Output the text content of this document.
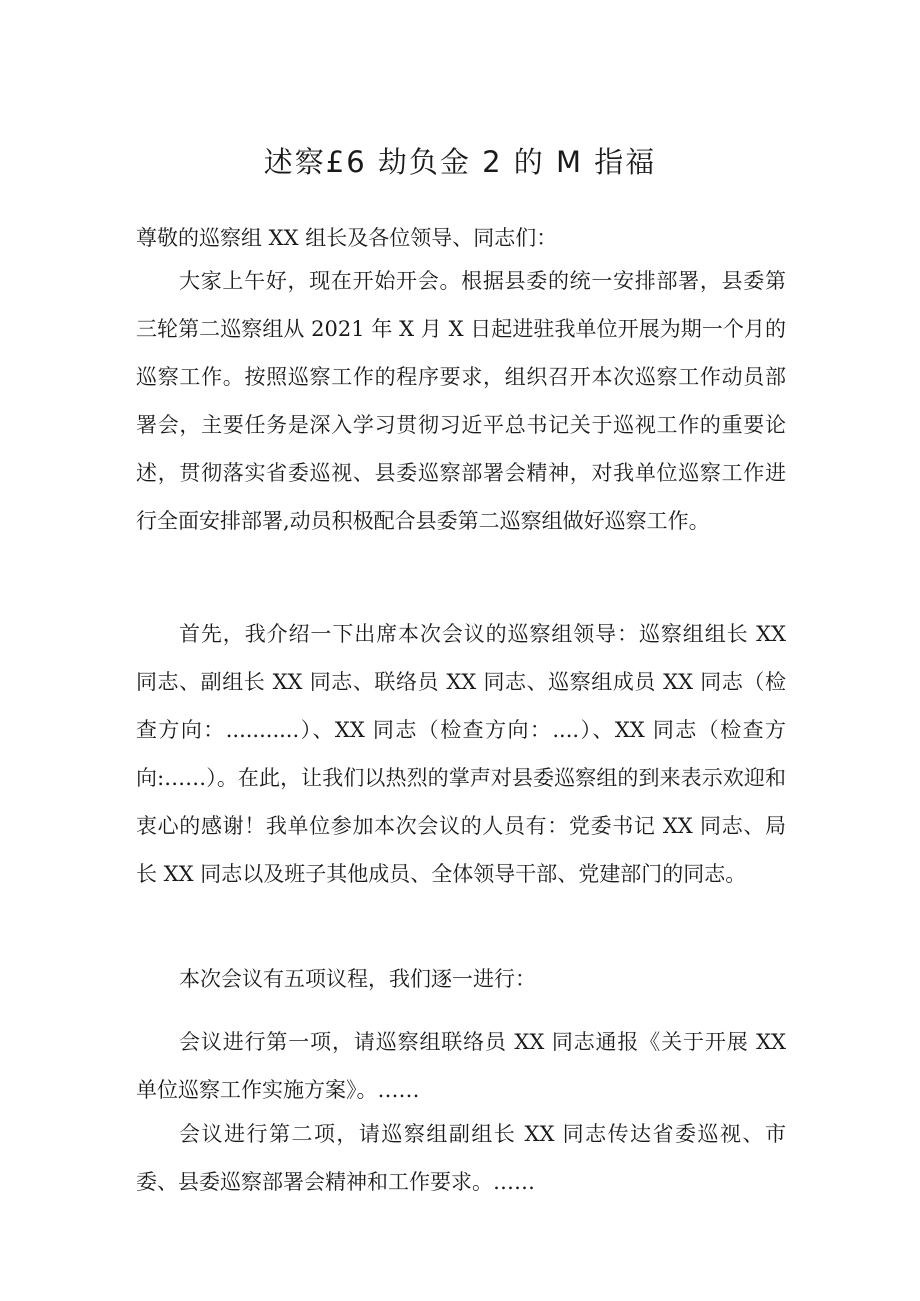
述察£6 劫负金 2 的 M 指福

尊敬的巡察组 XX 组长及各位领导、同志们：

大家上午好，现在开始开会。根据县委的统一安排部署，县委第三轮第二巡察组从 2021 年 X 月 X 日起进驻我单位开展为期一个月的巡察工作。按照巡察工作的程序要求，组织召开本次巡察工作动员部署会，主要任务是深入学习贯彻习近平总书记关于巡视工作的重要论述，贯彻落实省委巡视、县委巡察部署会精神，对我单位巡察工作进行全面安排部署,动员积极配合县委第二巡察组做好巡察工作。

首先，我介绍一下出席本次会议的巡察组领导：巡察组组长 XX 同志、副组长 XX 同志、联络员 XX 同志、巡察组成员 XX 同志（检查方向：...........）、XX 同志（检查方向：....）、XX 同志（检查方向:……）。在此，让我们以热烈的掌声对县委巡察组的到来表示欢迎和衷心的感谢！我单位参加本次会议的人员有：党委书记 XX 同志、局长 XX 同志以及班子其他成员、全体领导干部、党建部门的同志。

本次会议有五项议程，我们逐一进行：

会议进行第一项，请巡察组联络员 XX 同志通报《关于开展 XX 单位巡察工作实施方案》。……

会议进行第二项，请巡察组副组长 XX 同志传达省委巡视、市委、县委巡察部署会精神和工作要求。……
